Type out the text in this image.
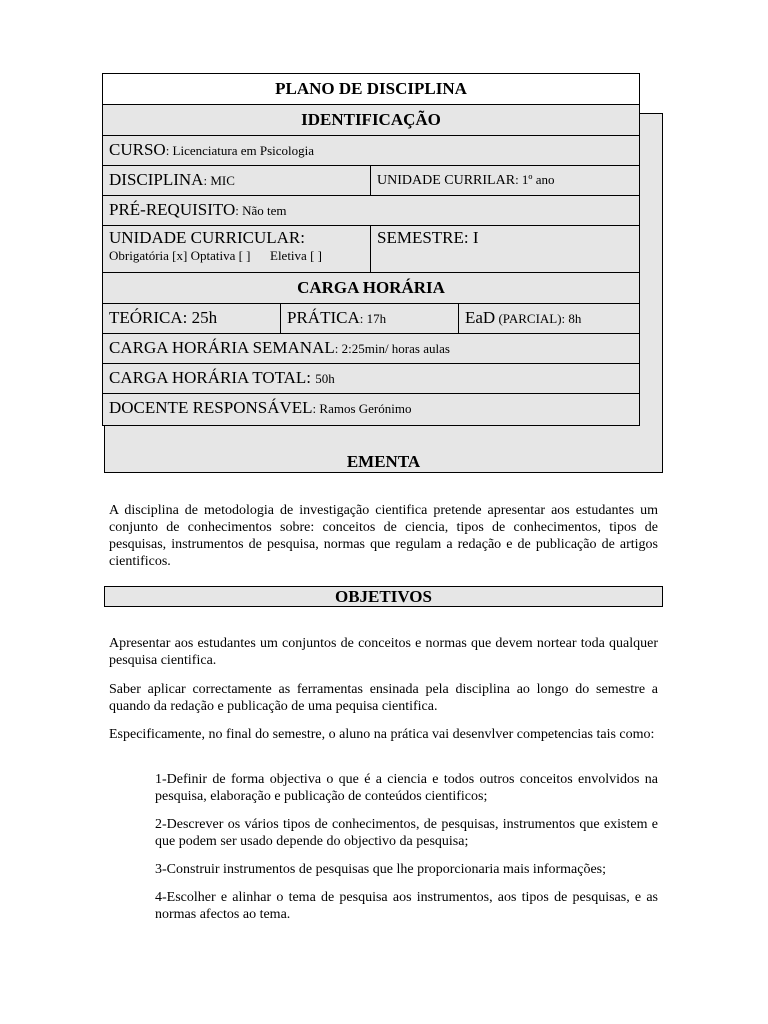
EMENTA
PLANO DE DISCIPLINA			
IDENTIFICAÇÃO			
CURSO: Licenciatura em Psicologia			
DISCIPLINA: MIC		UNIDADE CURRILAR: 1º ano	
PRÉ-REQUISITO: Não tem			

UNIDADE CURRICULAR:
Obrigatória [x] Optativa [ ]      Eletiva [ ]		SEMESTRE: I	
CARGA HORÁRIA			
TEÓRICA: 25h	PRÁTICA: 17h		EaD (PARCIAL): 8h
CARGA HORÁRIA SEMANAL: 2:25min/ horas aulas			
CARGA HORÁRIA TOTAL: 50h			
DOCENTE RESPONSÁVEL: Ramos Gerónimo			
A disciplina de metodologia de investigação cientifica pretende apresentar aos estudantes um conjunto de conhecimentos sobre: conceitos de ciencia, tipos de conhecimentos, tipos de pesquisas, instrumentos de pesquisa, normas que regulam a redação e de publicação de artigos cientificos.
OBJETIVOS
Apresentar aos estudantes um conjuntos de conceitos e normas que devem nortear toda qualquer pesquisa cientifica.
Saber aplicar correctamente as ferramentas ensinada pela disciplina ao longo do semestre a quando da redação e publicação de uma pequisa cientifica.
Especificamente, no final do semestre, o aluno na prática vai desenvlver competencias tais como:
1-Definir de forma objectiva o que é a ciencia e todos outros conceitos envolvidos na pesquisa, elaboração e publicação de conteúdos cientificos;
2-Descrever os vários tipos de conhecimentos, de pesquisas, instrumentos que existem e que podem ser usado depende do objectivo da pesquisa;
3-Construir instrumentos de pesquisas que lhe proporcionaria mais informações;
4-Escolher e alinhar o tema de pesquisa aos instrumentos, aos tipos de pesquisas, e as normas afectos ao tema.
